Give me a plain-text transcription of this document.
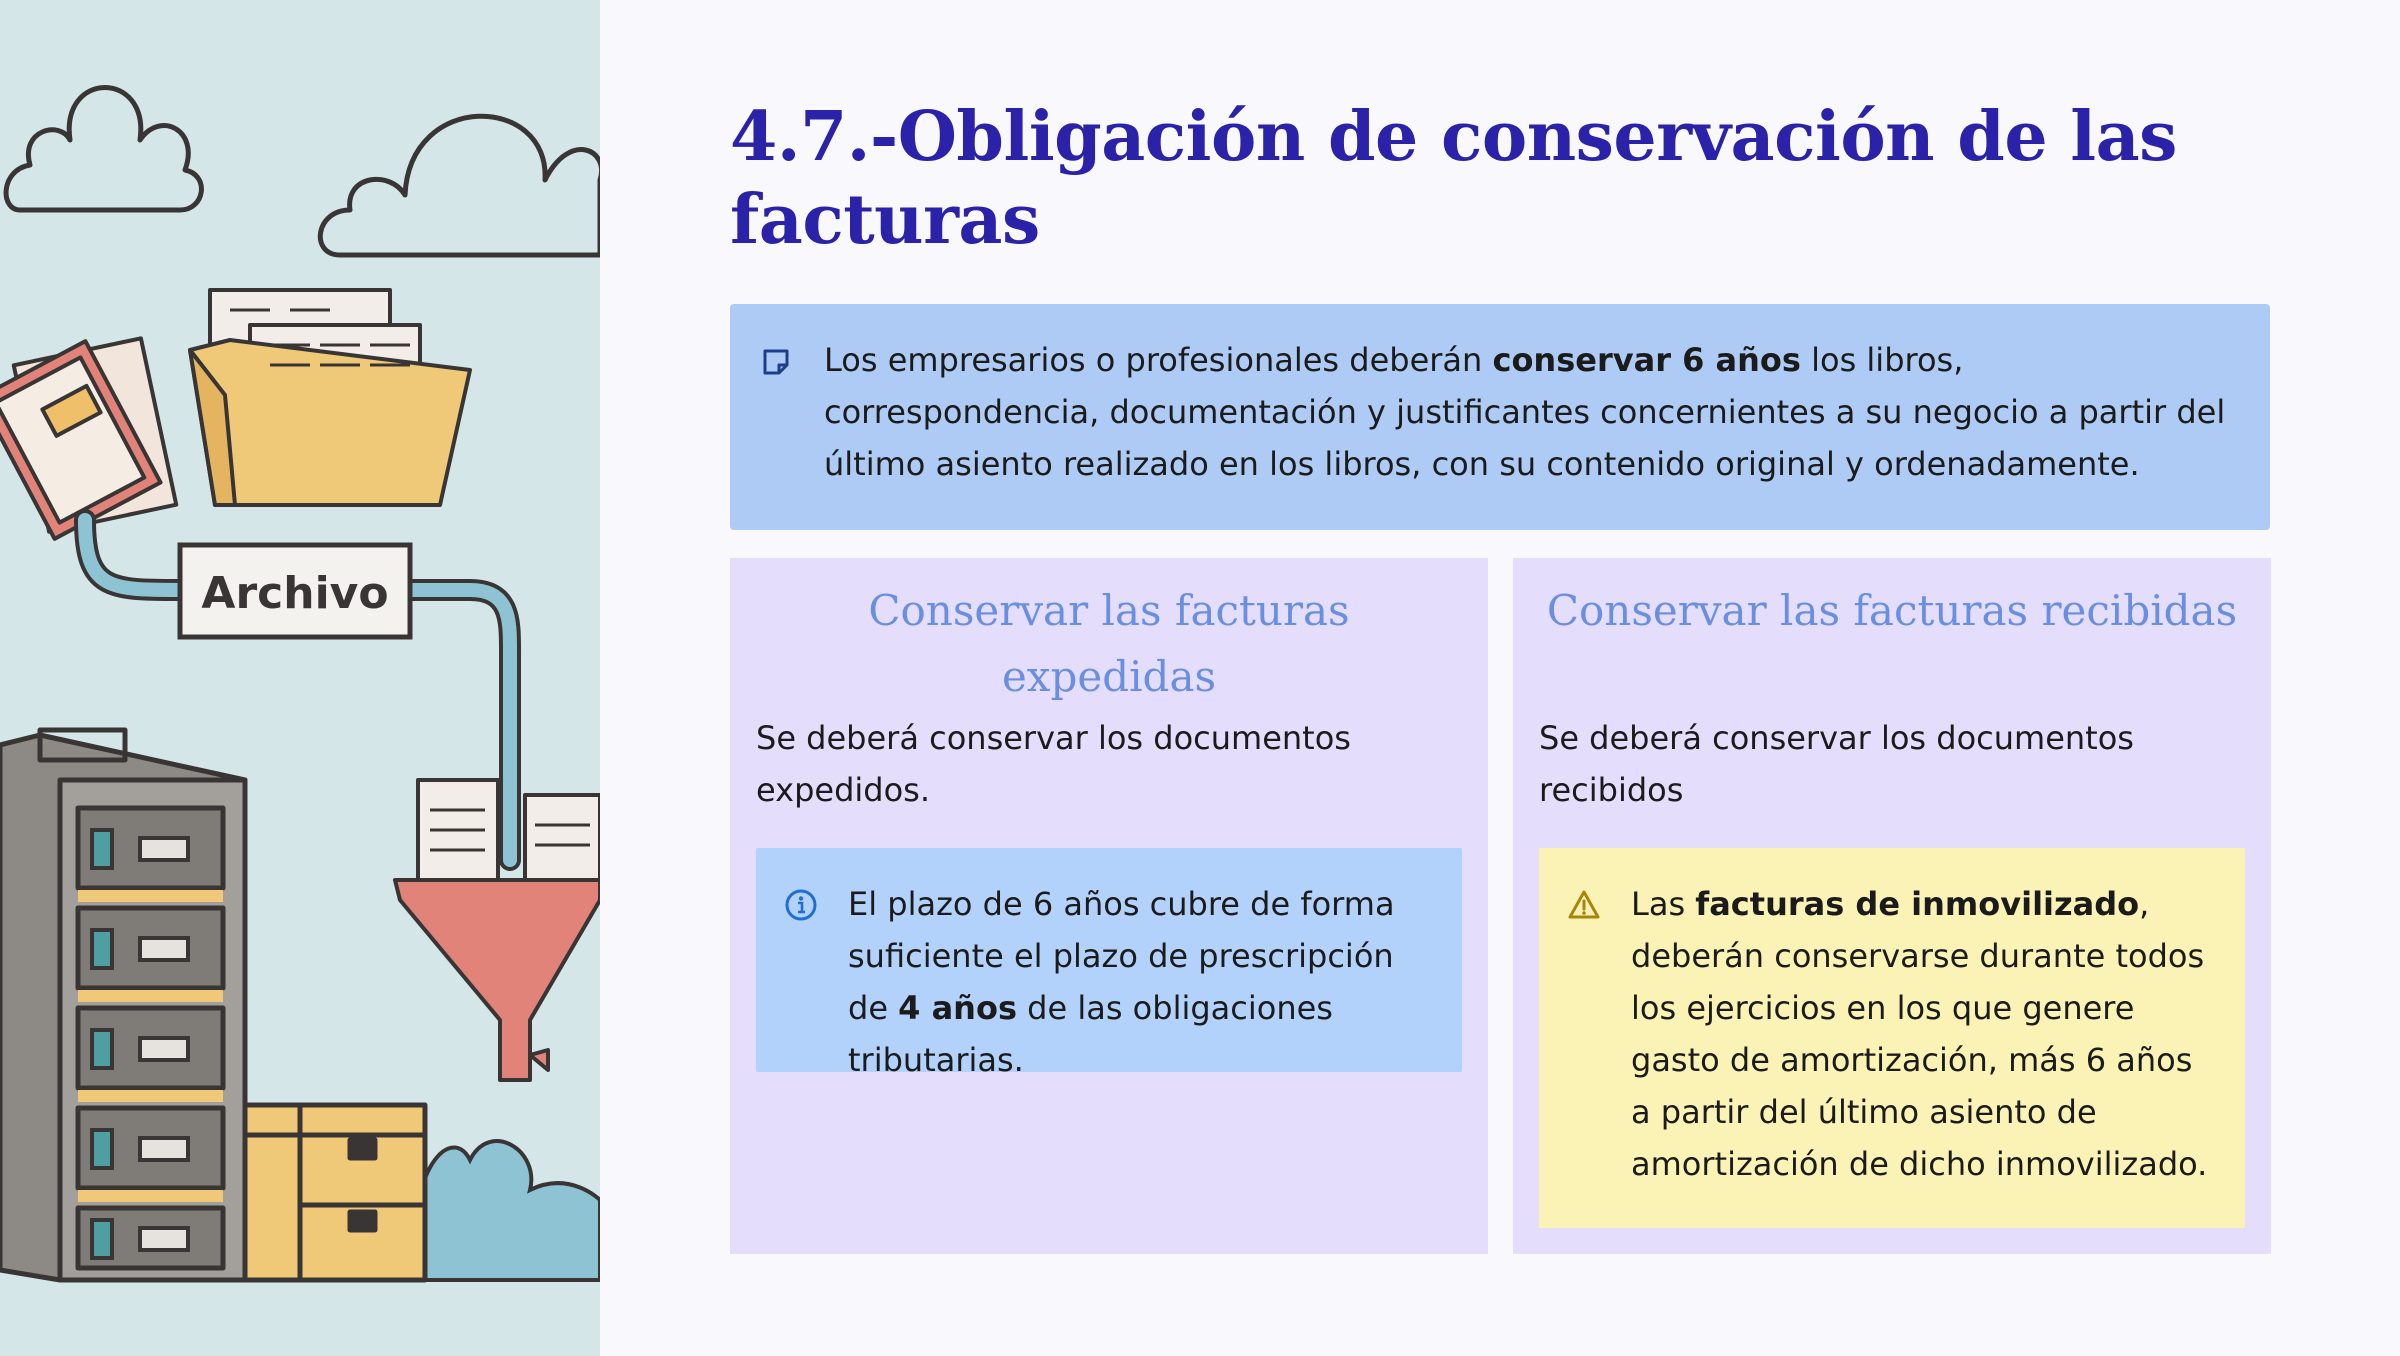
Archivo
4.7.-Obligación de conservación de las facturas

Los empresarios o profesionales deberán conservar 6 años los libros, correspondencia, documentación y justificantes concernientes a su negocio a partir del último asiento realizado en los libros, con su contenido original y ordenadamente.

Conservar las facturas expedidas

Se deberá conservar los documentos expedidos.

El plazo de 6 años cubre de forma suficiente el plazo de prescripción de 4 años de las obligaciones tributarias.

Conservar las facturas recibidas

Se deberá conservar los documentos recibidos

Las facturas de inmovilizado, deberán conservarse durante todos los ejercicios en los que genere gasto de amortización, más 6 años a partir del último asiento de amortización de dicho inmovilizado.
